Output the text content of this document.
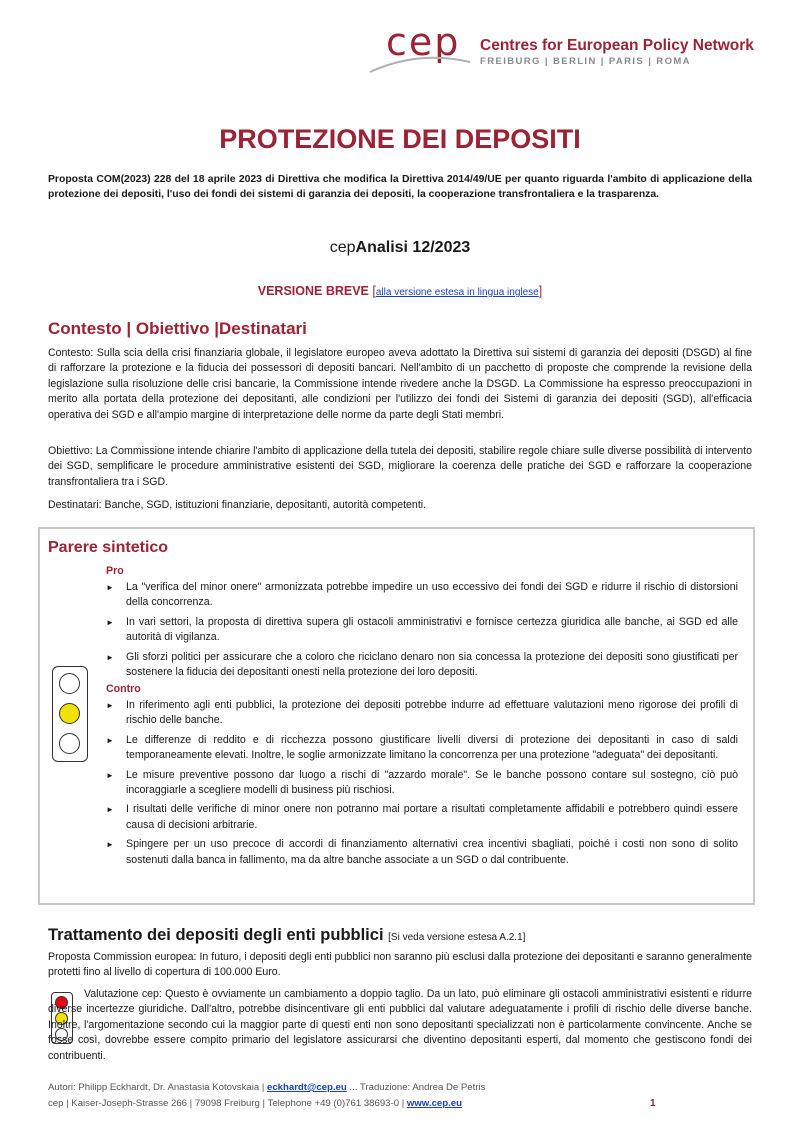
cep Centres for European Policy Network
FREIBURG | BERLIN | PARIS | ROMA
PROTEZIONE DEI DEPOSITI
Proposta COM(2023) 228 del 18 aprile 2023 di Direttiva che modifica la Direttiva 2014/49/UE per quanto riguarda l'ambito di applicazione della protezione dei depositi, l'uso dei fondi dei sistemi di garanzia dei depositi, la cooperazione transfrontaliera e la trasparenza.
cepAnalisi 12/2023
VERSIONE BREVE [alla versione estesa in lingua inglese]
Contesto | Obiettivo |Destinatari
Contesto: Sulla scia della crisi finanziaria globale, il legislatore europeo aveva adottato la Direttiva sui sistemi di garanzia dei depositi (DSGD) al fine di rafforzare la protezione e la fiducia dei possessori di depositi bancari. Nell'ambito di un pacchetto di proposte che comprende la revisione della legislazione sulla risoluzione delle crisi bancarie, la Commissione intende rivedere anche la DSGD. La Commissione ha espresso preoccupazioni in merito alla portata della protezione dei depositanti, alle condizioni per l'utilizzo dei fondi dei Sistemi di garanzia dei depositi (SGD), all'efficacia operativa dei SGD e all'ampio margine di interpretazione delle norme da parte degli Stati membri.
Obiettivo: La Commissione intende chiarire l'ambito di applicazione della tutela dei depositi, stabilire regole chiare sulle diverse possibilità di intervento dei SGD, semplificare le procedure amministrative esistenti dei SGD, migliorare la coerenza delle pratiche dei SGD e rafforzare la cooperazione transfrontaliera tra i SGD.
Destinatari: Banche, SGD, istituzioni finanziarie, depositanti, autorità competenti.
Parere sintetico
Pro
► La "verifica del minor onere" armonizzata potrebbe impedire un uso eccessivo dei fondi dei SGD e ridurre il rischio di distorsioni della concorrenza.
► In vari settori, la proposta di direttiva supera gli ostacoli amministrativi e fornisce certezza giuridica alle banche, ai SGD ed alle autorità di vigilanza.
► Gli sforzi politici per assicurare che a coloro che riciclano denaro non sia concessa la protezione dei depositi sono giustificati per sostenere la fiducia dei depositanti onesti nella protezione dei loro depositi.
Contro
► In riferimento agli enti pubblici, la protezione dei depositi potrebbe indurre ad effettuare valutazioni meno rigorose dei profili di rischio delle banche.
► Le differenze di reddito e di ricchezza possono giustificare livelli diversi di protezione dei depositanti in caso di saldi temporaneamente elevati. Inoltre, le soglie armonizzate limitano la concorrenza per una protezione "adeguata" dei depositanti.
► Le misure preventive possono dar luogo a rischi di "azzardo morale". Se le banche possono contare sul sostegno, ciò può incoraggiarle a scegliere modelli di business più rischiosi.
► I risultati delle verifiche di minor onere non potranno mai portare a risultati completamente affidabili e potrebbero quindi essere causa di decisioni arbitrarie.
► Spingere per un uso precoce di accordi di finanziamento alternativi crea incentivi sbagliati, poiché i costi non sono di solito sostenuti dalla banca in fallimento, ma da altre banche associate a un SGD o dal contribuente.
Trattamento dei depositi degli enti pubblici [Si veda versione estesa A.2.1]
Proposta Commission europea: In futuro, i depositi degli enti pubblici non saranno più esclusi dalla protezione dei depositanti e saranno generalmente protetti fino al livello di copertura di 100.000 Euro.
Valutazione cep: Questo è ovviamente un cambiamento a doppio taglio. Da un lato, può eliminare gli ostacoli amministrativi esistenti e ridurre diverse incertezze giuridiche. Dall'altro, potrebbe disincentivare gli enti pubblici dal valutare adeguatamente i profili di rischio delle diverse banche. Inoltre, l'argomentazione secondo cui la maggior parte di questi enti non sono depositanti specializzati non è particolarmente convincente. Anche se fosse così, dovrebbe essere compito primario del legislatore assicurarsi che diventino depositanti esperti, dal momento che gestiscono fondi dei contribuenti.
Autori: Philipp Eckhardt, Dr. Anastasia Kotovskaia | eckhardt@cep.eu ... Traduzione: Andrea De Petris
cep | Kaiser-Joseph-Strasse 266 | 79098 Freiburg | Telephone +49 (0)761 38693-0 | www.cep.eu	1
